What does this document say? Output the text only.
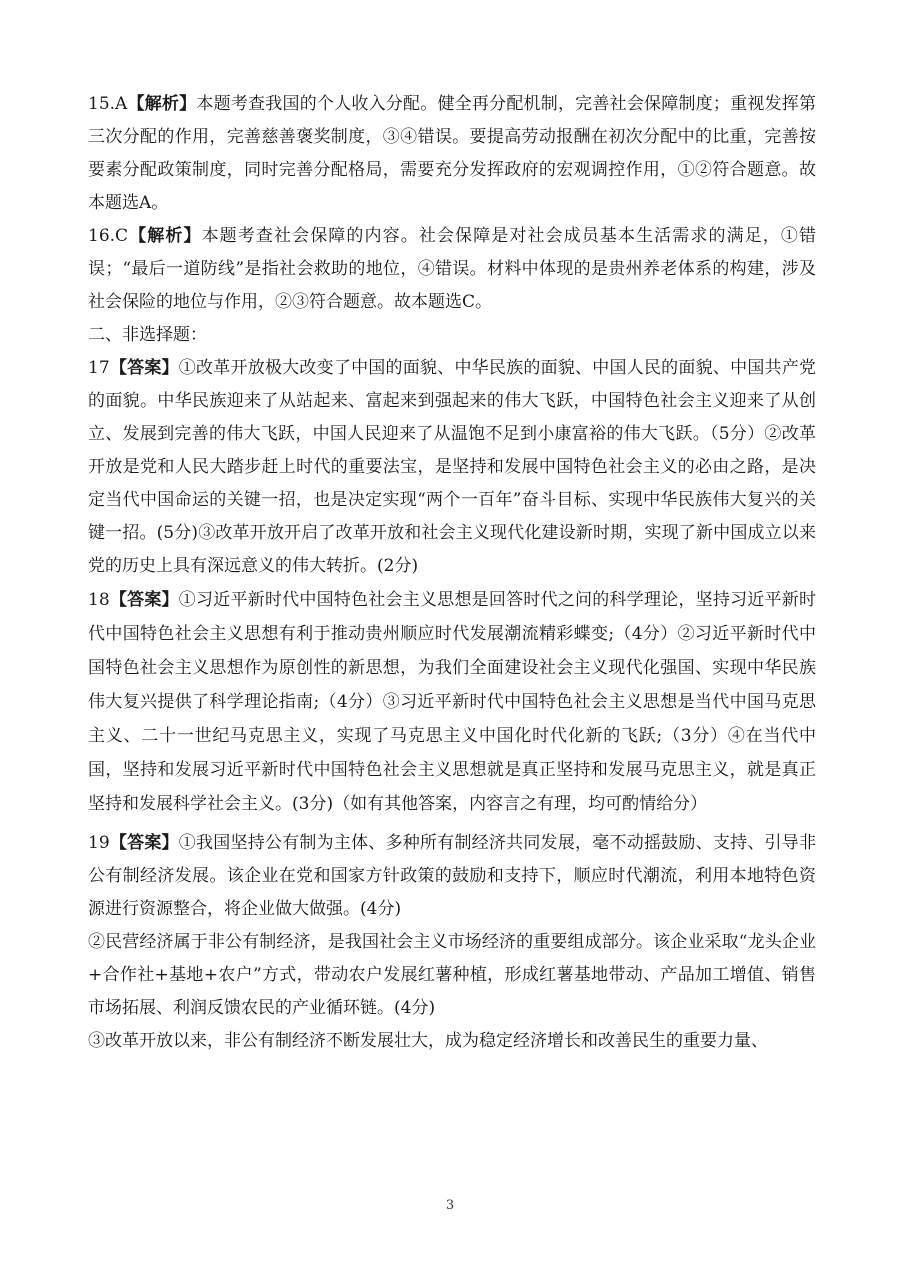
15.A【解析】本题考查我国的个人收入分配。健全再分配机制，完善社会保障制度；重视发挥第三次分配的作用，完善慈善褒奖制度，③④错误。要提高劳动报酬在初次分配中的比重，完善按要素分配政策制度，同时完善分配格局，需要充分发挥政府的宏观调控作用，①②符合题意。故本题选A。

16.C【解析】本题考查社会保障的内容。社会保障是对社会成员基本生活需求的满足，①错误；“最后一道防线”是指社会救助的地位，④错误。材料中体现的是贵州养老体系的构建，涉及社会保险的地位与作用，②③符合题意。故本题选C。

二、非选择题：

17【答案】①改革开放极大改变了中国的面貌、中华民族的面貌、中国人民的面貌、中国共产党的面貌。中华民族迎来了从站起来、富起来到强起来的伟大飞跃，中国特色社会主义迎来了从创立、发展到完善的伟大飞跃，中国人民迎来了从温饱不足到小康富裕的伟大飞跃。（5分）②改革开放是党和人民大踏步赶上时代的重要法宝，是坚持和发展中国特色社会主义的必由之路，是决定当代中国命运的关键一招，也是决定实现“两个一百年”奋斗目标、实现中华民族伟大复兴的关键一招。(5分)③改革开放开启了改革开放和社会主义现代化建设新时期，实现了新中国成立以来党的历史上具有深远意义的伟大转折。(2分)

18【答案】①习近平新时代中国特色社会主义思想是回答时代之问的科学理论，坚持习近平新时代中国特色社会主义思想有利于推动贵州顺应时代发展潮流精彩蝶变;（4分）②习近平新时代中国特色社会主义思想作为原创性的新思想，为我们全面建设社会主义现代化强国、实现中华民族伟大复兴提供了科学理论指南;（4分）③习近平新时代中国特色社会主义思想是当代中国马克思主义、二十一世纪马克思主义，实现了马克思主义中国化时代化新的飞跃;（3分）④在当代中国，坚持和发展习近平新时代中国特色社会主义思想就是真正坚持和发展马克思主义，就是真正坚持和发展科学社会主义。(3分)（如有其他答案，内容言之有理，均可酌情给分）

19【答案】①我国坚持公有制为主体、多种所有制经济共同发展，毫不动摇鼓励、支持、引导非公有制经济发展。该企业在党和国家方针政策的鼓励和支持下，顺应时代潮流，利用本地特色资源进行资源整合，将企业做大做强。(4分)

②民营经济属于非公有制经济，是我国社会主义市场经济的重要组成部分。该企业采取“龙头企业+合作社+基地+农户”方式，带动农户发展红薯种植，形成红薯基地带动、产品加工增值、销售市场拓展、利润反馈农民的产业循环链。(4分)

③改革开放以来，非公有制经济不断发展壮大，成为稳定经济增长和改善民生的重要力量、

3
